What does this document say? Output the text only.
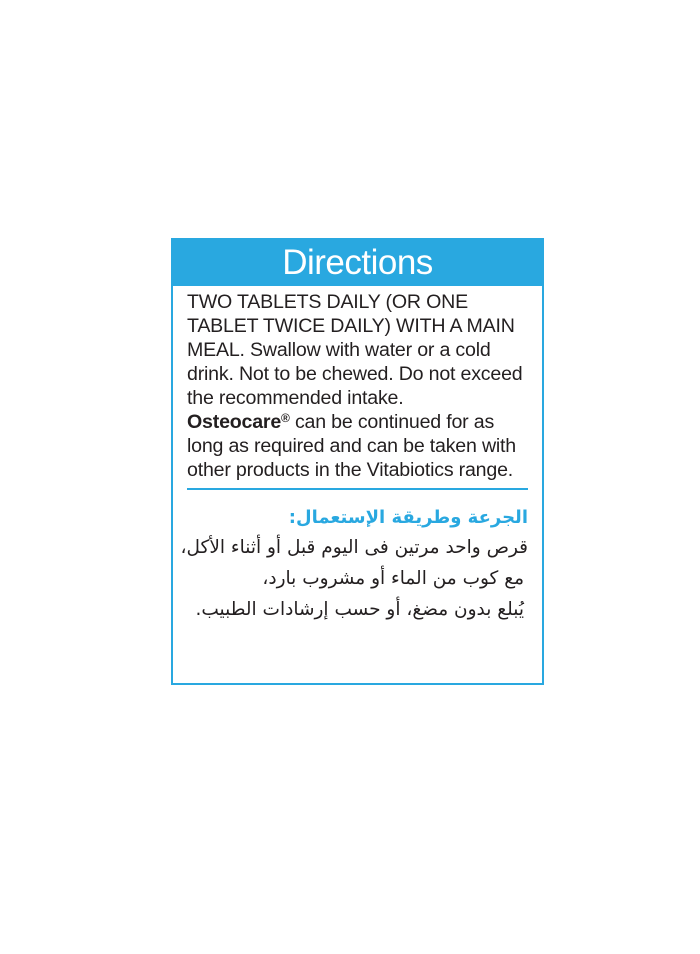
Directions

TWO TABLETS DAILY (OR ONE TABLET TWICE DAILY) WITH A MAIN MEAL. Swallow with water or a cold drink. Not to be chewed. Do not exceed the recommended intake.

Osteocare® can be continued for as long as required and can be taken with other products in the Vitabiotics range.

الجرعة وطريقة الإستعمال:
قرص واحد مرتين فى اليوم قبل أو أثناء الأكل،
مع كوب من الماء أو مشروب بارد،
يُبلع بدون مضغ، أو حسب إرشادات الطبيب.
